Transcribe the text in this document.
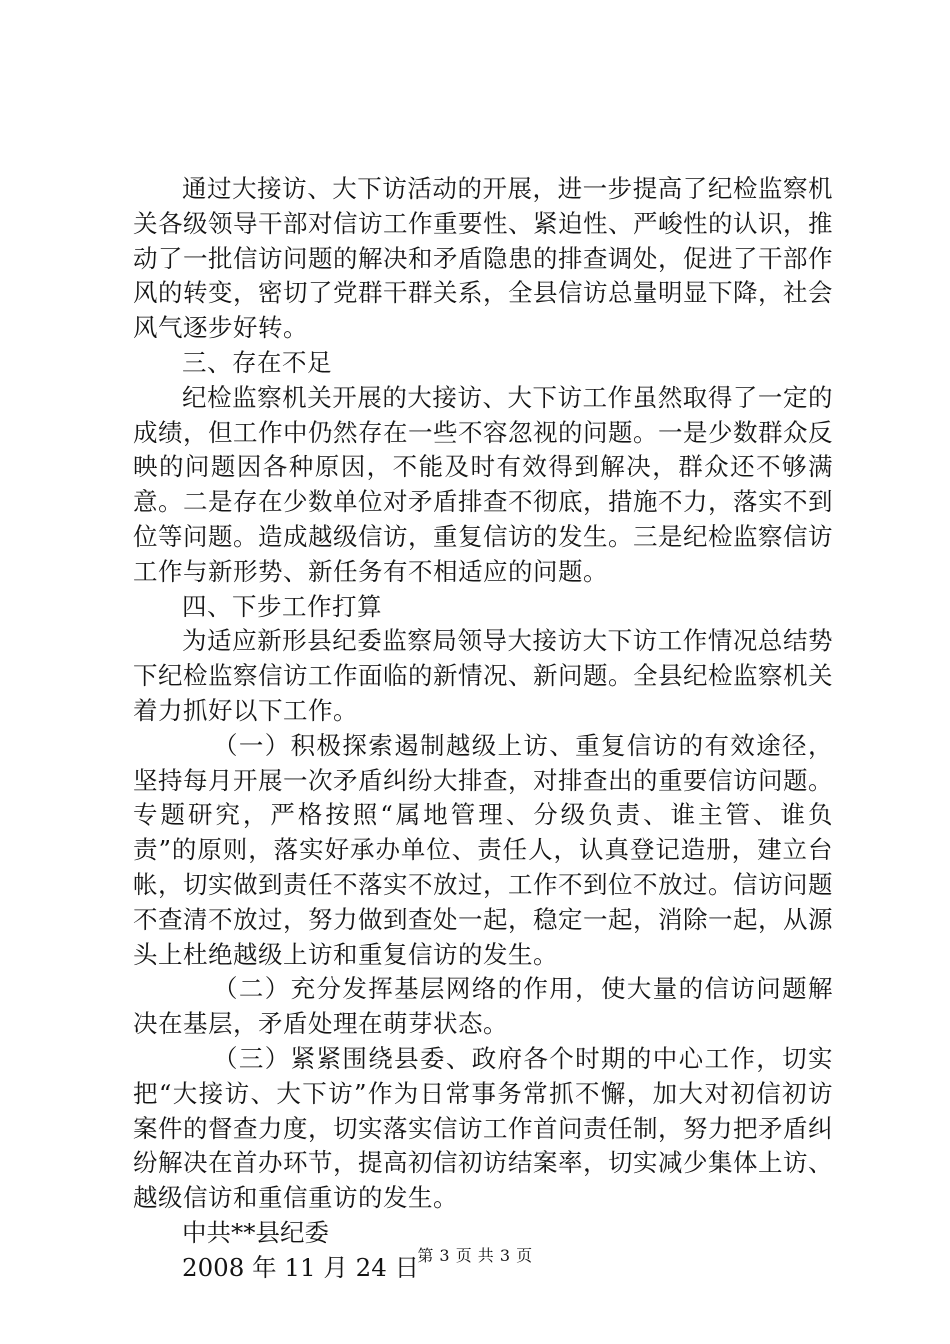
通过大接访、大下访活动的开展，进一步提高了纪检监察机关各级领导干部对信访工作重要性、紧迫性、严峻性的认识，推动了一批信访问题的解决和矛盾隐患的排查调处，促进了干部作风的转变，密切了党群干群关系，全县信访总量明显下降，社会风气逐步好转。

三、存在不足

纪检监察机关开展的大接访、大下访工作虽然取得了一定的成绩，但工作中仍然存在一些不容忽视的问题。一是少数群众反映的问题因各种原因，不能及时有效得到解决，群众还不够满意。二是存在少数单位对矛盾排查不彻底，措施不力，落实不到位等问题。造成越级信访，重复信访的发生。三是纪检监察信访工作与新形势、新任务有不相适应的问题。

四、下步工作打算

为适应新形县纪委监察局领导大接访大下访工作情况总结势下纪检监察信访工作面临的新情况、新问题。全县纪检监察机关着力抓好以下工作。

（一）积极探索遏制越级上访、重复信访的有效途径，坚持每月开展一次矛盾纠纷大排查，对排查出的重要信访问题。专题研究，严格按照“属地管理、分级负责、谁主管、谁负责”的原则，落实好承办单位、责任人，认真登记造册，建立台帐，切实做到责任不落实不放过，工作不到位不放过。信访问题不查清不放过，努力做到查处一起，稳定一起，消除一起，从源头上杜绝越级上访和重复信访的发生。

（二）充分发挥基层网络的作用，使大量的信访问题解决在基层，矛盾处理在萌芽状态。

（三）紧紧围绕县委、政府各个时期的中心工作，切实把“大接访、大下访”作为日常事务常抓不懈，加大对初信初访案件的督查力度，切实落实信访工作首问责任制，努力把矛盾纠纷解决在首办环节，提高初信初访结案率，切实减少集体上访、越级信访和重信重访的发生。

中共**县纪委

2008 年 11 月 24 日

第 3 页 共 3 页
